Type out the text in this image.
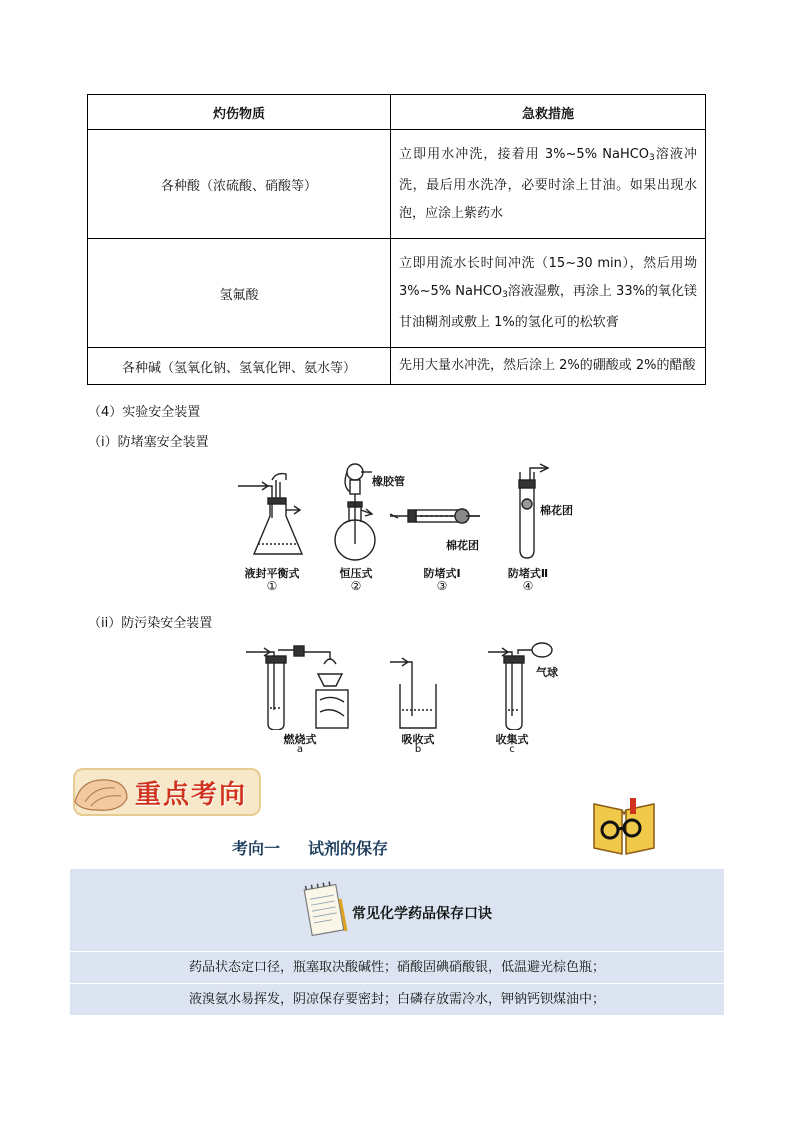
灼伤物质	急救措施
各种酸（浓硫酸、硝酸等）	立即用水冲洗，接着用 3%~5% NaHCO$_3$溶液冲洗，最后用水洗净，必要时涂上甘油。如果出现水泡，应涂上紫药水
氢氟酸	立即用流水长时间冲洗（15~30 min），然后用坳3%~5% NaHCO$_3$溶液湿敷，再涂上 33%的氧化镁甘油糊剂或敷上 1%的氢化可的松软膏
各种碱（氢氧化钠、氢氧化钾、氨水等）	先用大量水冲洗，然后涂上 2%的硼酸或 2%的醋酸
（4）实验安全装置
（i）防堵塞安全装置
橡胶管
棉花团
棉花团
液封平衡式
①
恒压式
②
防堵式Ⅰ
③
防堵式Ⅱ
④
（ii）防污染安全装置
气球
燃烧式
a
吸收式
b
收集式
c
重点考向
考向一 试剂的保存
常见化学药品保存口诀
药品状态定口径，瓶塞取决酸碱性；硝酸固碘硝酸银，低温避光棕色瓶；
液溴氨水易挥发，阴凉保存要密封；白磷存放需冷水，钾钠钙钡煤油中；
